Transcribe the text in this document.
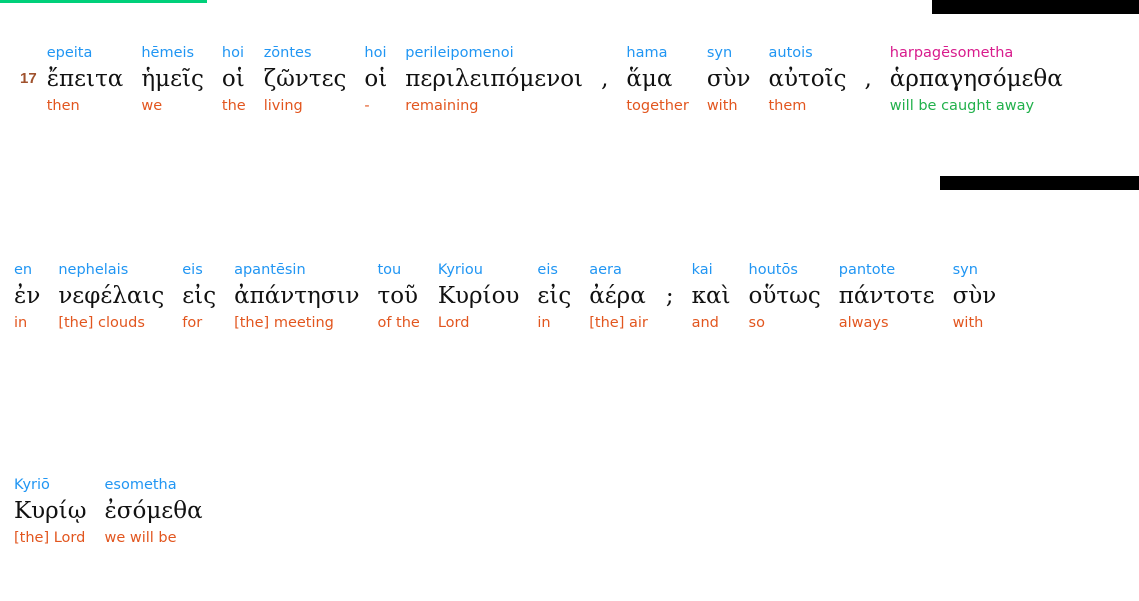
17
epeita
ἔπειτα
then
hēmeis
ἡμεῖς
we
hoi
οἱ
the
zōntes
ζῶντες
living
hoi
οἱ
-
perileipomenoi
περιλειπόμενοι
remaining
,
hama
ἅμα
together
syn
σὺν
with
autois
αὐτοῖς
them
,
harpagēsometha
ἁρπαγησόμεθα
will be caught away
en
ἐν
in
nephelais
νεφέλαις
[the] clouds
eis
εἰς
for
apantēsin
ἀπάντησιν
[the] meeting
tou
τοῦ
of the
Kyriou
Κυρίου
Lord
eis
εἰς
in
aera
ἀέρα
[the] air
;
kai
καὶ
and
houtōs
οὕτως
so
pantote
πάντοτε
always
syn
σὺν
with
Kyriō
Κυρίῳ
[the] Lord
esometha
ἐσόμεθα
we will be
